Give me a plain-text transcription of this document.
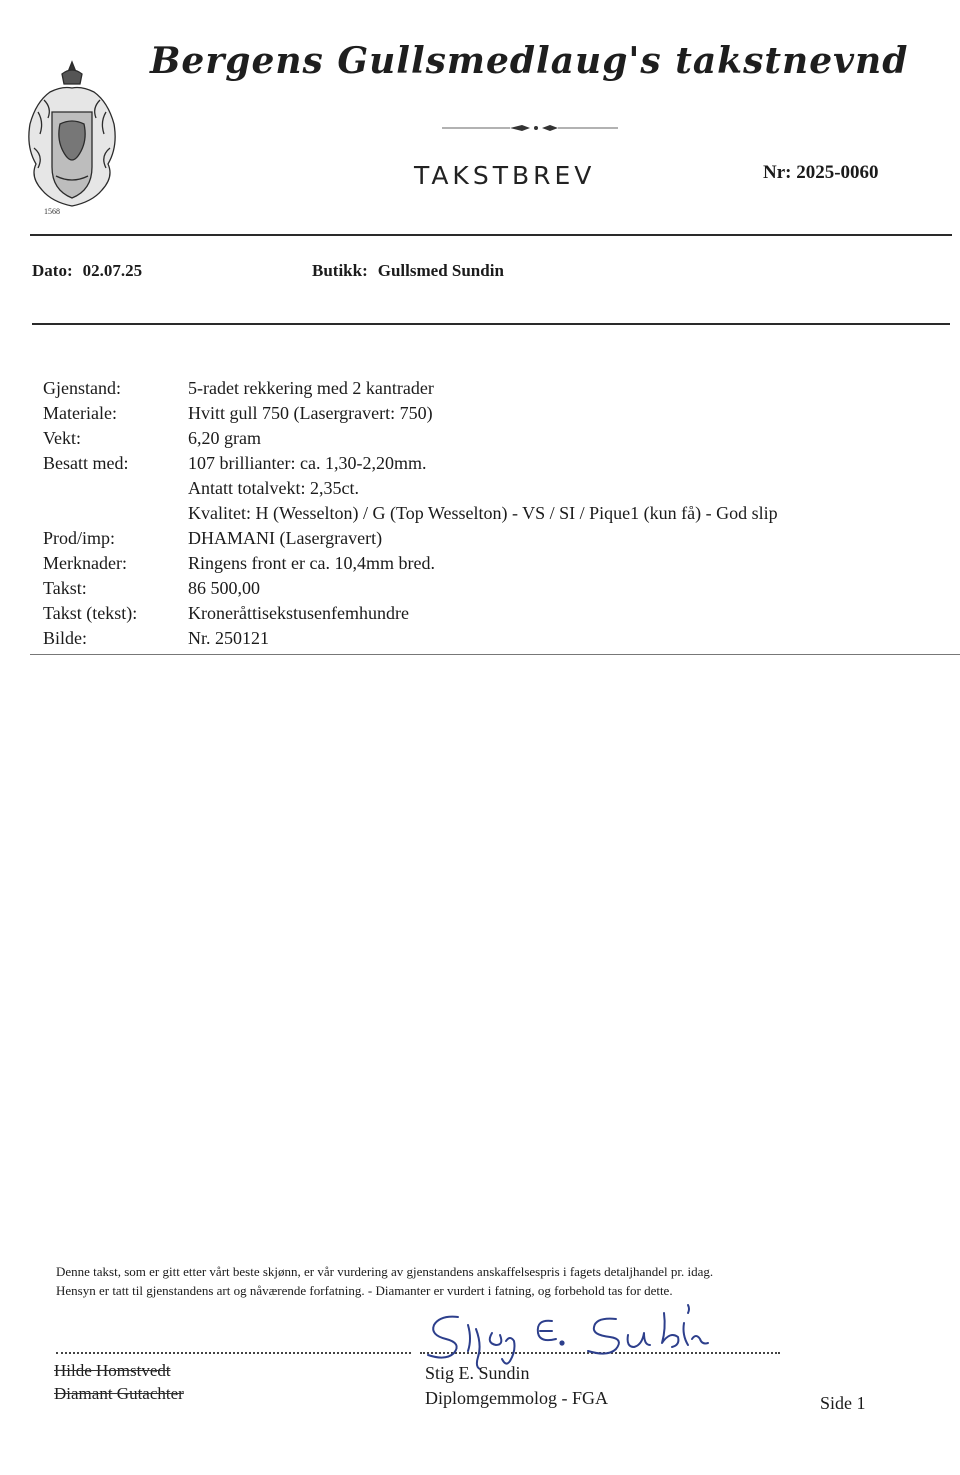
1568
Bergens Gullsmedlaug's takstnevnd
TAKSTBREV	Nr: 2025-0060
Dato: 02.07.25	Butikk: Gullsmed Sundin
Gjenstand:	5-radet rekkering med 2 kantrader
Materiale:	Hvitt gull 750 (Lasergravert: 750)
Vekt:	6,20 gram
Besatt med:	107 brillianter: ca. 1,30-2,20mm.
Antatt totalvekt: 2,35ct.
Kvalitet: H (Wesselton) / G (Top Wesselton) - VS / SI / Pique1 (kun få) - God slip
Prod/imp:	DHAMANI (Lasergravert)
Merknader:	Ringens front er ca. 10,4mm bred.
Takst:	86 500,00
Takst (tekst):	Kroneråttisekstusenfemhundre
Bilde:	Nr. 250121
Denne takst, som er gitt etter vårt beste skjønn, er vår vurdering av gjenstandens anskaffelsespris i fagets detaljhandel pr. idag.
Hensyn er tatt til gjenstandens art og nåværende forfatning. - Diamanter er vurdert i fatning, og forbehold tas for dette.
Hilde Homstvedt
Diamant Gutachter
Stig E. Sundin
Diplomgemmolog - FGA	Side 1
